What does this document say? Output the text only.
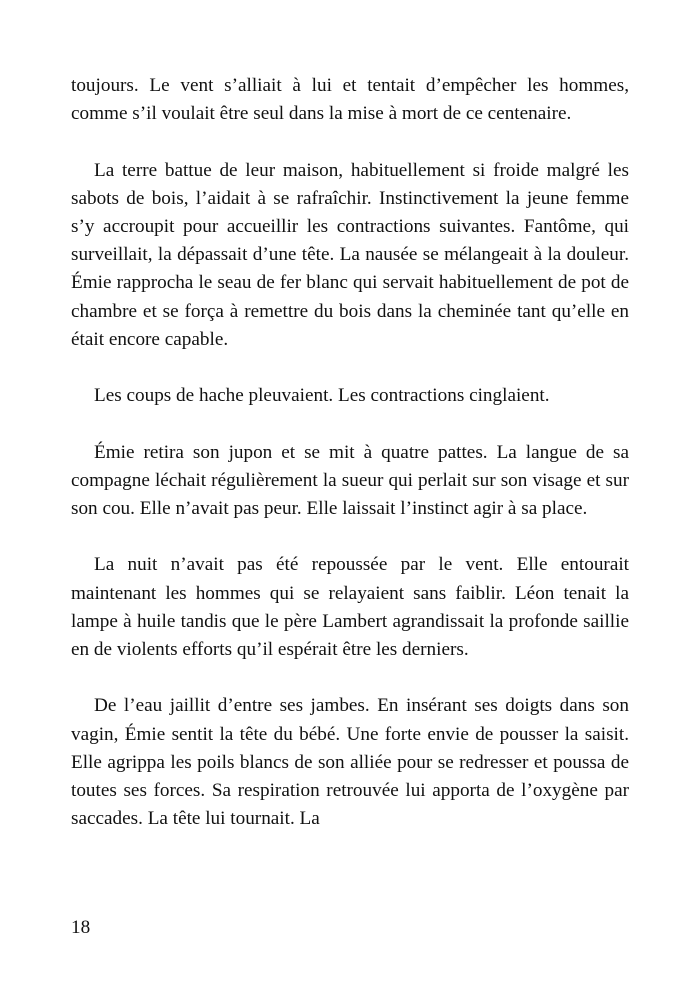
toujours. Le vent s’alliait à lui et tentait d’empêcher les hommes, comme s’il voulait être seul dans la mise à mort de ce centenaire.

La terre battue de leur maison, habituellement si froide malgré les sabots de bois, l’aidait à se rafraîchir. Instinctivement la jeune femme s’y accroupit pour accueillir les contractions suivantes. Fantôme, qui surveillait, la dépassait d’une tête. La nausée se mélangeait à la douleur. Émie rapprocha le seau de fer blanc qui servait habituellement de pot de chambre et se força à remettre du bois dans la cheminée tant qu’elle en était encore capable.

Les coups de hache pleuvaient. Les contractions cinglaient.

Émie retira son jupon et se mit à quatre pattes. La langue de sa compagne léchait régulièrement la sueur qui perlait sur son visage et sur son cou. Elle n’avait pas peur. Elle laissait l’instinct agir à sa place.

La nuit n’avait pas été repoussée par le vent. Elle entourait maintenant les hommes qui se relayaient sans faiblir. Léon tenait la lampe à huile tandis que le père Lambert agrandissait la profonde saillie en de violents efforts qu’il espérait être les derniers.

De l’eau jaillit d’entre ses jambes. En insérant ses doigts dans son vagin, Émie sentit la tête du bébé. Une forte envie de pousser la saisit. Elle agrippa les poils blancs de son alliée pour se redresser et poussa de toutes ses forces. Sa respiration retrouvée lui apporta de l’oxygène par saccades. La tête lui tournait. La

18
